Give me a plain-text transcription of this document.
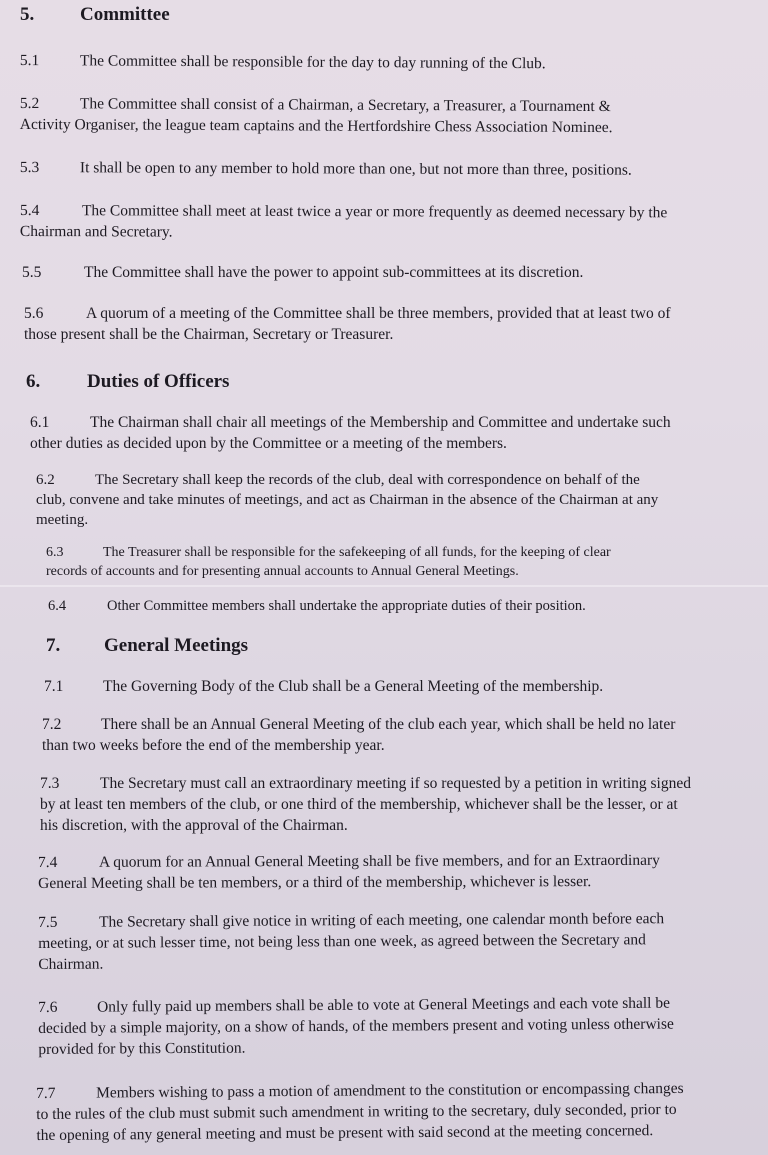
5. Committee
5.1	The Committee shall be responsible for the day to day running of the Club.
5.2	The Committee shall consist of a Chairman, a Secretary, a Treasurer, a Tournament &
Activity Organiser, the league team captains and the Hertfordshire Chess Association Nominee.
5.3	It shall be open to any member to hold more than one, but not more than three, positions.
5.4	The Committee shall meet at least twice a year or more frequently as deemed necessary by the
Chairman and Secretary.
5.5	The Committee shall have the power to appoint sub-committees at its discretion.
5.6	A quorum of a meeting of the Committee shall be three members, provided that at least two of
those present shall be the Chairman, Secretary or Treasurer.
6. Duties of Officers
6.1	The Chairman shall chair all meetings of the Membership and Committee and undertake such
other duties as decided upon by the Committee or a meeting of the members.
6.2	The Secretary shall keep the records of the club, deal with correspondence on behalf of the
club, convene and take minutes of meetings, and act as Chairman in the absence of the Chairman at any
meeting.
6.3	The Treasurer shall be responsible for the safekeeping of all funds, for the keeping of clear
records of accounts and for presenting annual accounts to Annual General Meetings.
6.4	Other Committee members shall undertake the appropriate duties of their position.
7. General Meetings
7.1	The Governing Body of the Club shall be a General Meeting of the membership.
7.2	There shall be an Annual General Meeting of the club each year, which shall be held no later
than two weeks before the end of the membership year.
7.3	The Secretary must call an extraordinary meeting if so requested by a petition in writing signed
by at least ten members of the club, or one third of the membership, whichever shall be the lesser, or at
his discretion, with the approval of the Chairman.
7.4	A quorum for an Annual General Meeting shall be five members, and for an Extraordinary
General Meeting shall be ten members, or a third of the membership, whichever is lesser.
7.5	The Secretary shall give notice in writing of each meeting, one calendar month before each
meeting, or at such lesser time, not being less than one week, as agreed between the Secretary and
Chairman.
7.6	Only fully paid up members shall be able to vote at General Meetings and each vote shall be
decided by a simple majority, on a show of hands, of the members present and voting unless otherwise
provided for by this Constitution.
7.7	Members wishing to pass a motion of amendment to the constitution or encompassing changes
to the rules of the club must submit such amendment in writing to the secretary, duly seconded, prior to
the opening of any general meeting and must be present with said second at the meeting concerned.
